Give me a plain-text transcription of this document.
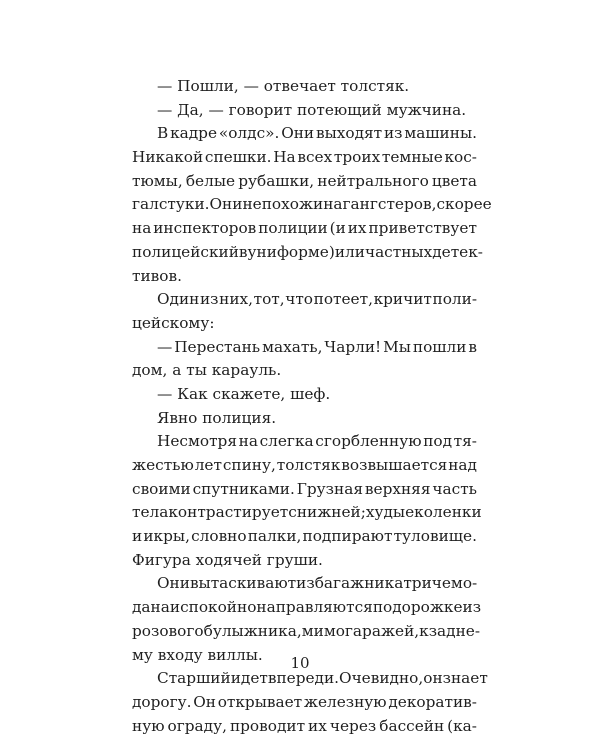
— Пошли, — отвечает толстяк.
— Да, — говорит потеющий мужчина.
В кадре «олдс». Они выходят из машины.
Никакой спешки. На всех троих темные кос-
тюмы, белые рубашки, нейтрального цвета
галстуки. Они непохожи на гангстеров, скорее
на инспекторов полиции (и их приветствует
полицейский в униформе) или частных детек-
тивов.
Один из них, тот, что потеет, кричит поли-
цейскому:
— Перестань махать, Чарли! Мы пошли в
дом, а ты карауль.
— Как скажете, шеф.
Явно полиция.
Несмотря на слегка сгорбленную под тя-
жестью лет спину, толстяк возвышается над
своими спутниками. Грузная верхняя часть
тела контрастирует с нижней; худые коленки
и икры, словно палки, подпирают туловище.
Фигура ходячей груши.
Они вытаскивают из багажника три чемо-
дана и спокойно направляются по дорожке из
розового булыжника, мимо гаражей, к задне-
му входу виллы.
Старший идет впереди. Очевидно, он знает
дорогу. Он открывает железную декоратив-
ную ограду, проводит их через бассейн (ка-
10
